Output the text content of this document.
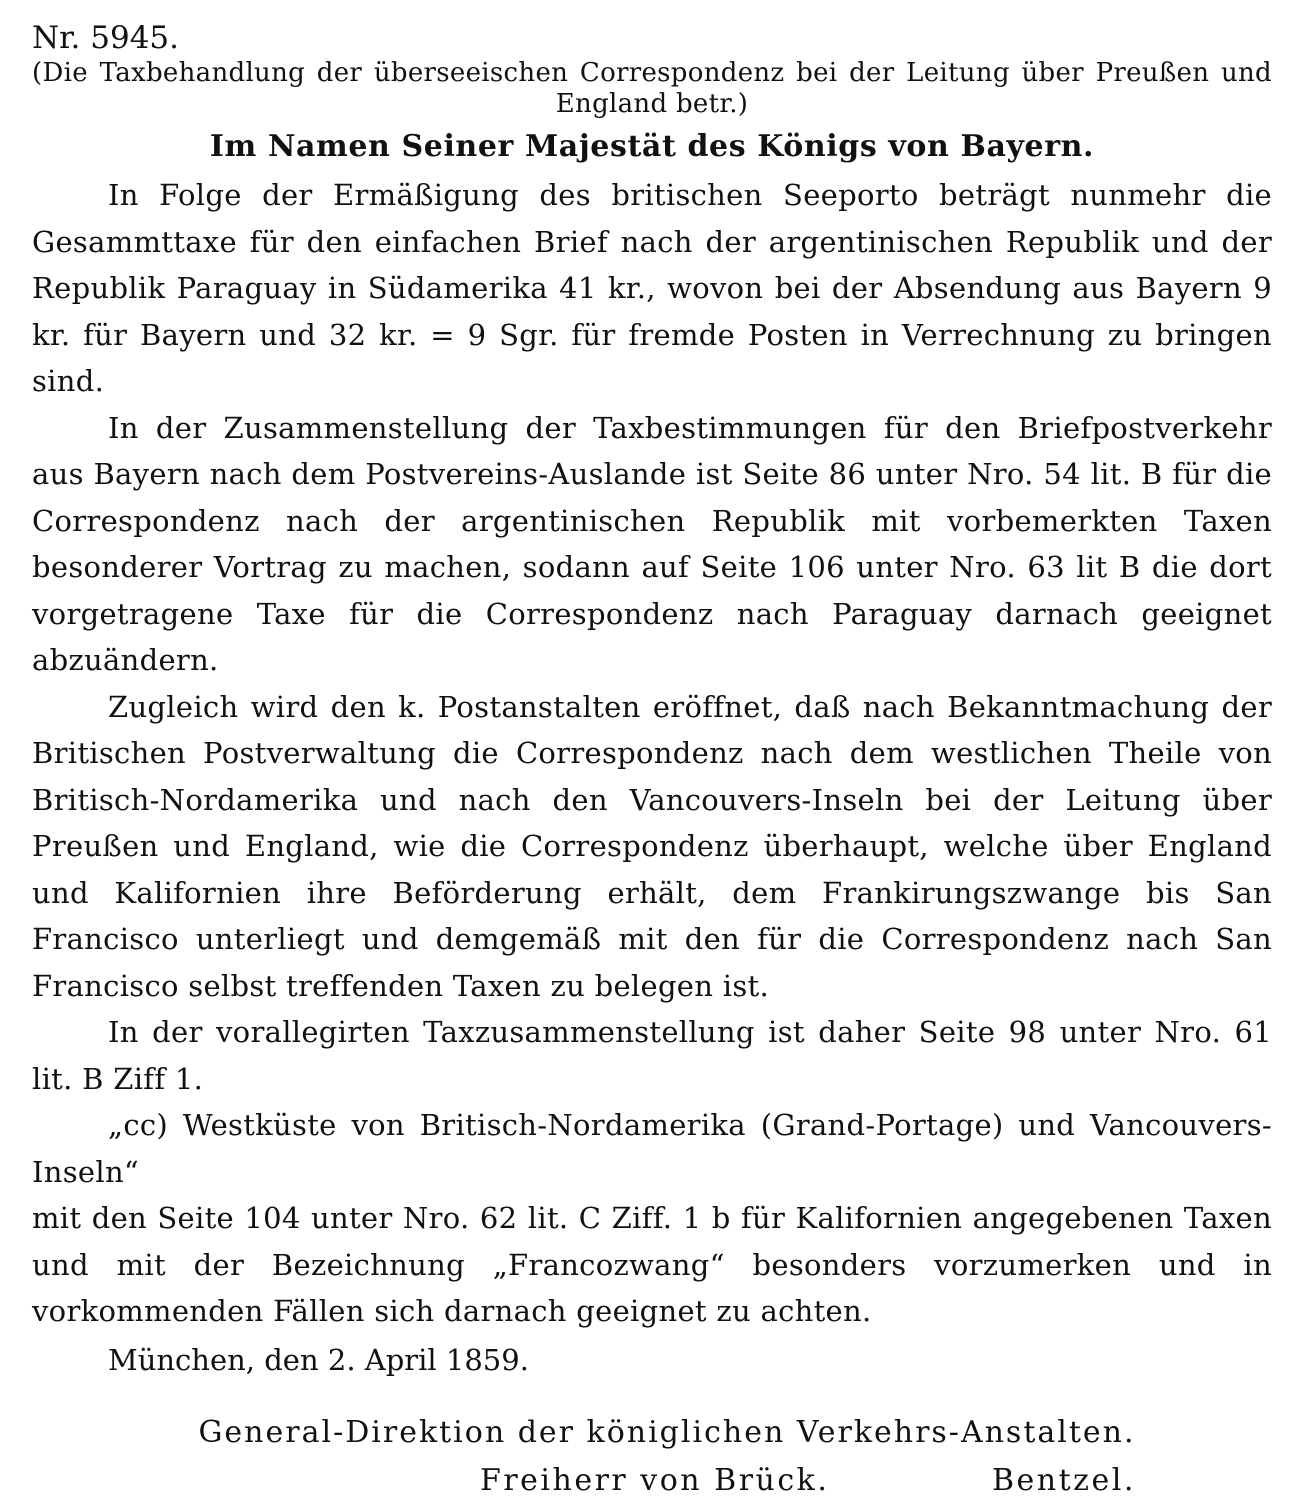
Nr. 5945.

(Die Taxbehandlung der überseeischen Correspondenz bei der Leitung über Preußen und England betr.)

Im Namen Seiner Majestät des Königs von Bayern.

In Folge der Ermäßigung des britischen Seeporto beträgt nunmehr die Gesammttaxe für den einfachen Brief nach der argentinischen Republik und der Republik Paraguay in Südamerika 41 kr., wovon bei der Absendung aus Bayern 9 kr. für Bayern und 32 kr. = 9 Sgr. für fremde Posten in Verrechnung zu bringen sind.

In der Zusammenstellung der Taxbestimmungen für den Briefpostverkehr aus Bayern nach dem Postvereins-Auslande ist Seite 86 unter Nro. 54 lit. B für die Correspondenz nach der argentinischen Republik mit vorbemerkten Taxen besonderer Vortrag zu machen, sodann auf Seite 106 unter Nro. 63 lit B die dort vorgetragene Taxe für die Correspondenz nach Paraguay darnach geeignet abzuändern.

Zugleich wird den k. Postanstalten eröffnet, daß nach Bekanntmachung der Britischen Postverwaltung die Correspondenz nach dem westlichen Theile von Britisch-Nordamerika und nach den Vancouvers-Inseln bei der Leitung über Preußen und England, wie die Correspondenz überhaupt, welche über England und Kalifornien ihre Beförderung erhält, dem Frankirungszwange bis San Francisco unterliegt und demgemäß mit den für die Correspondenz nach San Francisco selbst treffenden Taxen zu belegen ist.

In der vorallegirten Taxzusammenstellung ist daher Seite 98 unter Nro. 61 lit. B Ziff 1.

„cc) Westküste von Britisch-Nordamerika (Grand-Portage) und Vancouvers-Inseln“

mit den Seite 104 unter Nro. 62 lit. C Ziff. 1 b für Kalifornien angegebenen Taxen und mit der Bezeichnung „Francozwang“ besonders vorzumerken und in vorkommenden Fällen sich darnach geeignet zu achten.

München, den 2. April 1859.

General-Direktion der königlichen Verkehrs-Anstalten.

Freiherr von Brück.	Bentzel.
